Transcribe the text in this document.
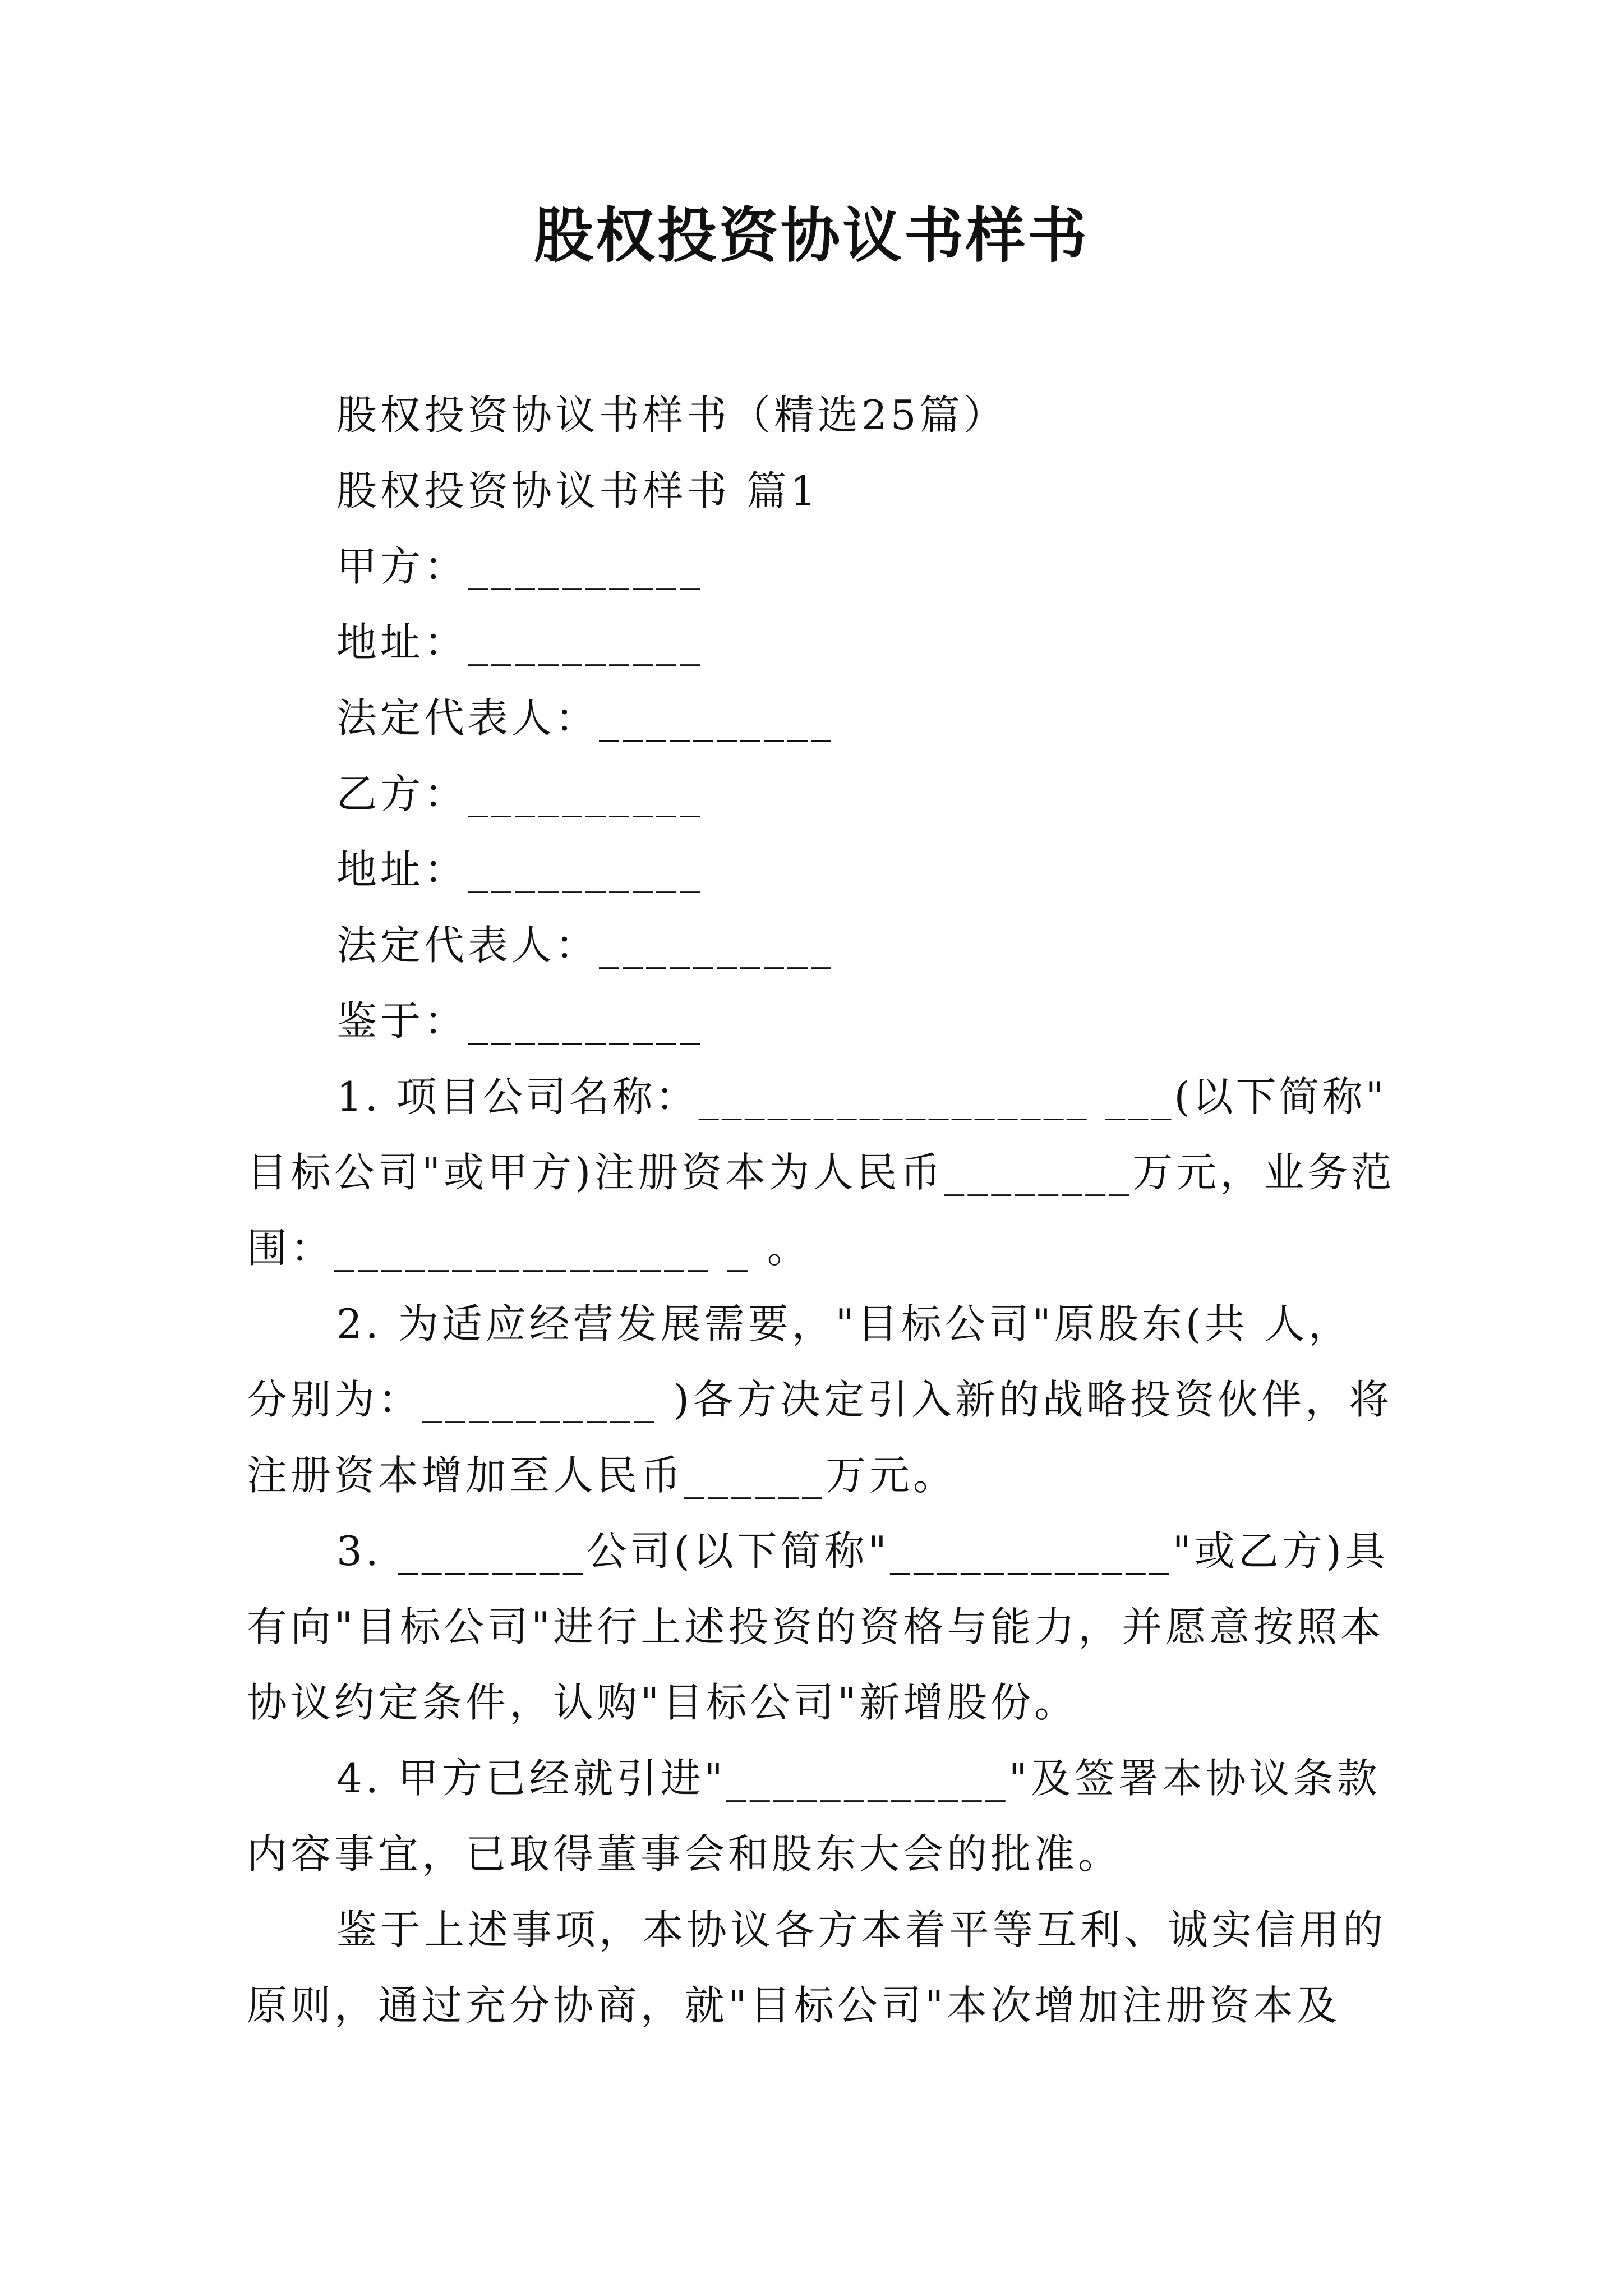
股权投资协议书样书
股权投资协议书样书（精选25篇）
股权投资协议书样书 篇1
甲方：__________
地址：__________
法定代表人：__________
乙方：__________
地址：__________
法定代表人：__________
鉴于：__________
1. 项目公司名称：_________________ ___(以下简称"
目标公司"或甲方)注册资本为人民币________万元，业务范
围：________________ _ 。
2. 为适应经营发展需要，"目标公司"原股东(共 人，
分别为：__________ )各方决定引入新的战略投资伙伴，将
注册资本增加至人民币______万元。
3. ________公司(以下简称"____________"或乙方)具
有向"目标公司"进行上述投资的资格与能力，并愿意按照本
协议约定条件，认购"目标公司"新增股份。
4. 甲方已经就引进"____________"及签署本协议条款
内容事宜，已取得董事会和股东大会的批准。
鉴于上述事项，本协议各方本着平等互利、诚实信用的
原则，通过充分协商，就"目标公司"本次增加注册资本及
